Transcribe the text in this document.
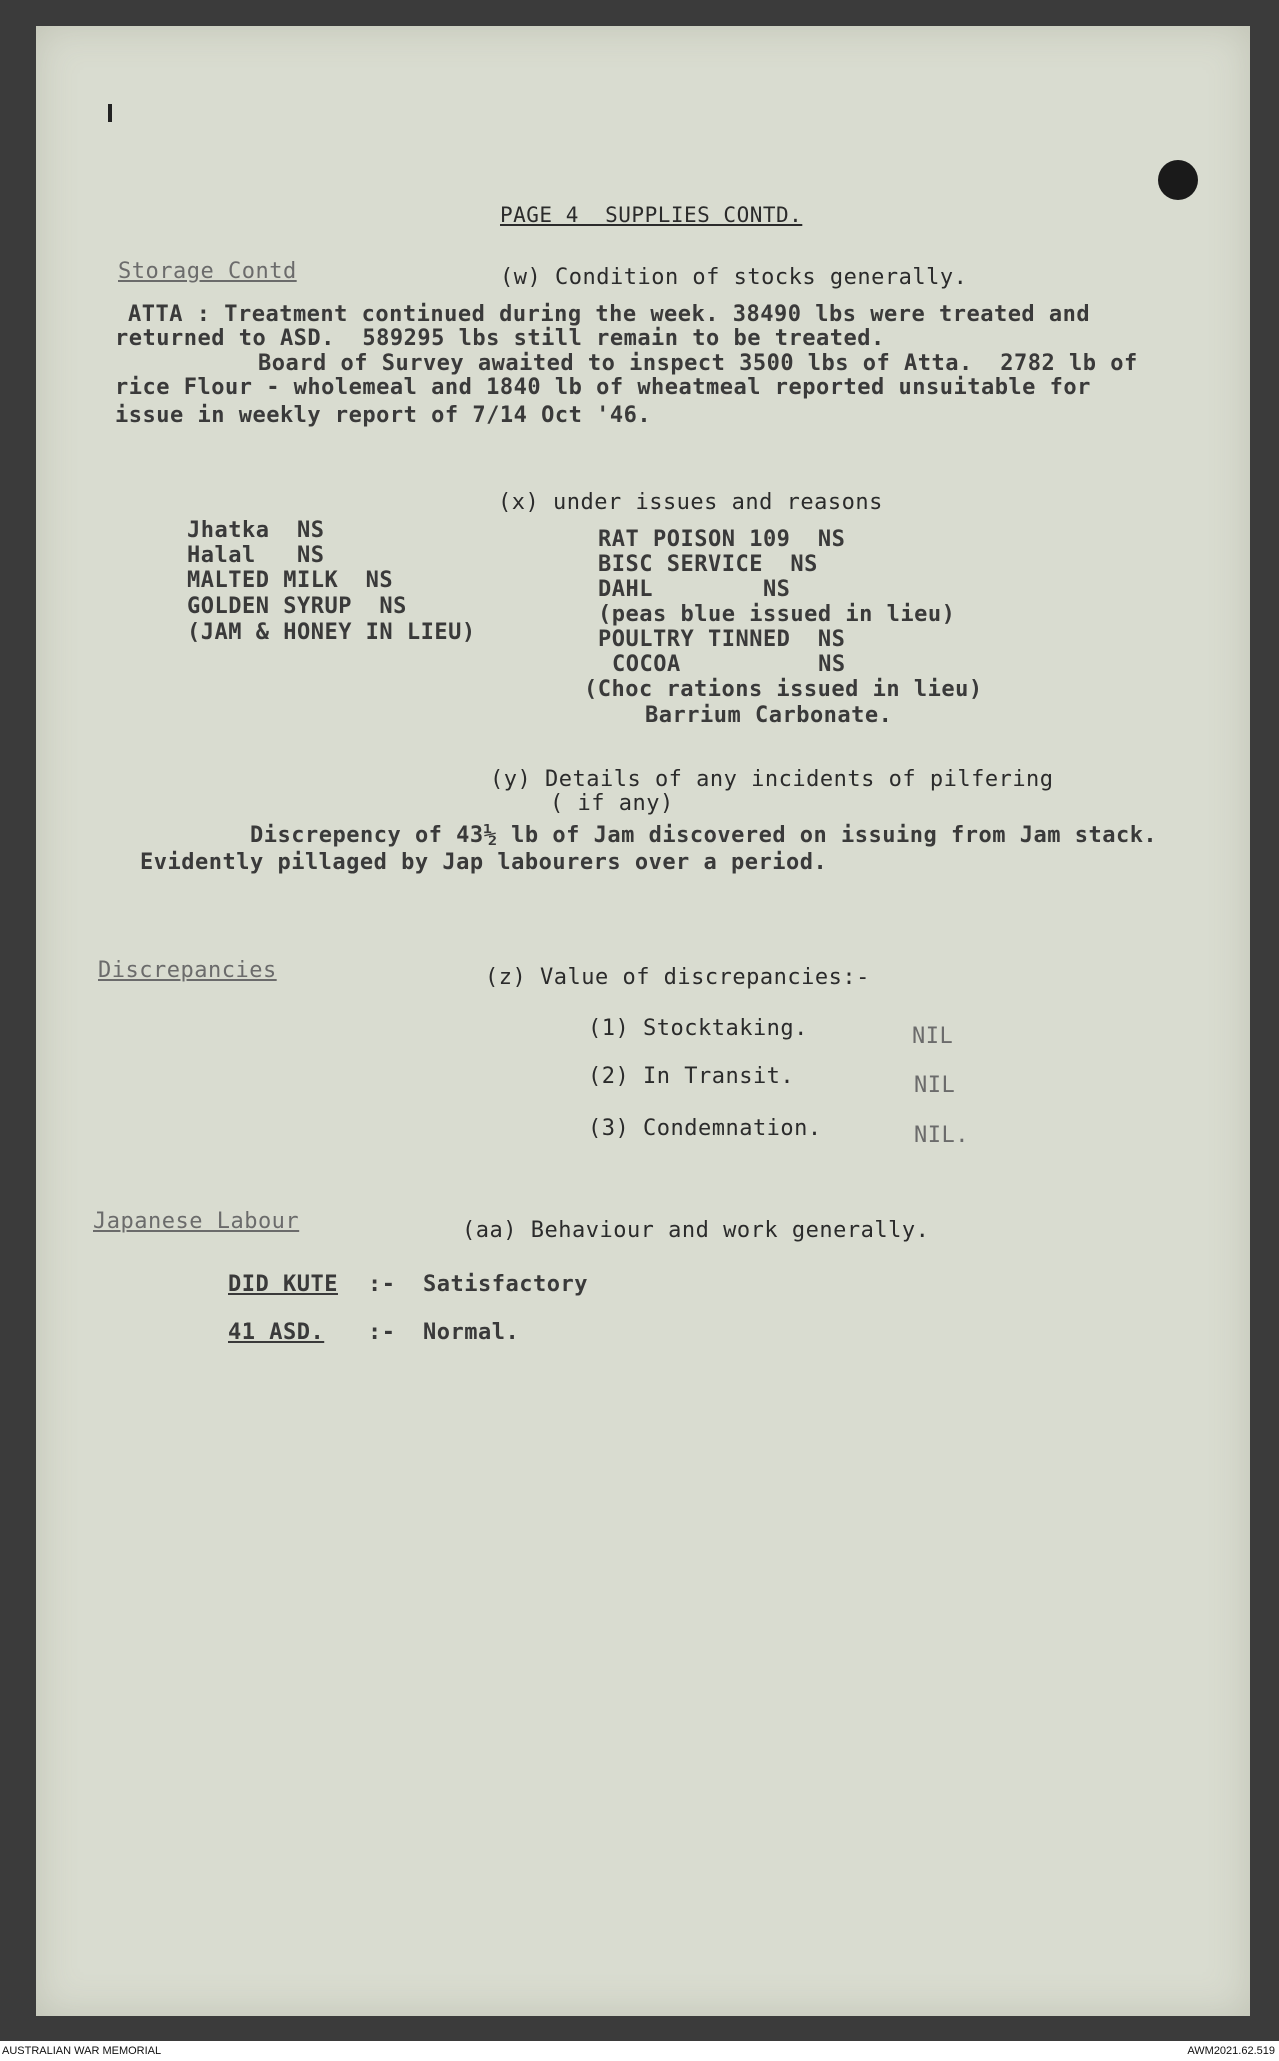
PAGE 4  SUPPLIES CONTD.
Storage Contd	(w) Condition of stocks generally.
ATTA : Treatment continued during the week. 38490 lbs were treated and
returned to ASD.  589295 lbs still remain to be treated.
Board of Survey awaited to inspect 3500 lbs of Atta.  2782 lb of
rice Flour - wholemeal and 1840 lb of wheatmeal reported unsuitable for
issue in weekly report of 7/14 Oct '46.
(x) under issues and reasons
Jhatka  NS
Halal   NS
MALTED MILK  NS
GOLDEN SYRUP  NS
(JAM & HONEY IN LIEU)
RAT POISON 109  NS
BISC SERVICE  NS
DAHL        NS
(peas blue issued in lieu)
POULTRY TINNED  NS
COCOA          NS
(Choc rations issued in lieu)
Barrium Carbonate.
(y) Details of any incidents of pilfering
( if any)
Discrepency of 43½ lb of Jam discovered on issuing from Jam stack.
Evidently pillaged by Jap labourers over a period.
Discrepancies	(z) Value of discrepancies:-
(1) Stocktaking.	NIL
(2) In Transit.	NIL
(3) Condemnation.	NIL.
Japanese Labour	(aa) Behaviour and work generally.
DID KUTE :- Satisfactory
41 ASD. :- Normal.
AUSTRALIAN WAR MEMORIAL	AWM2021.62.519
